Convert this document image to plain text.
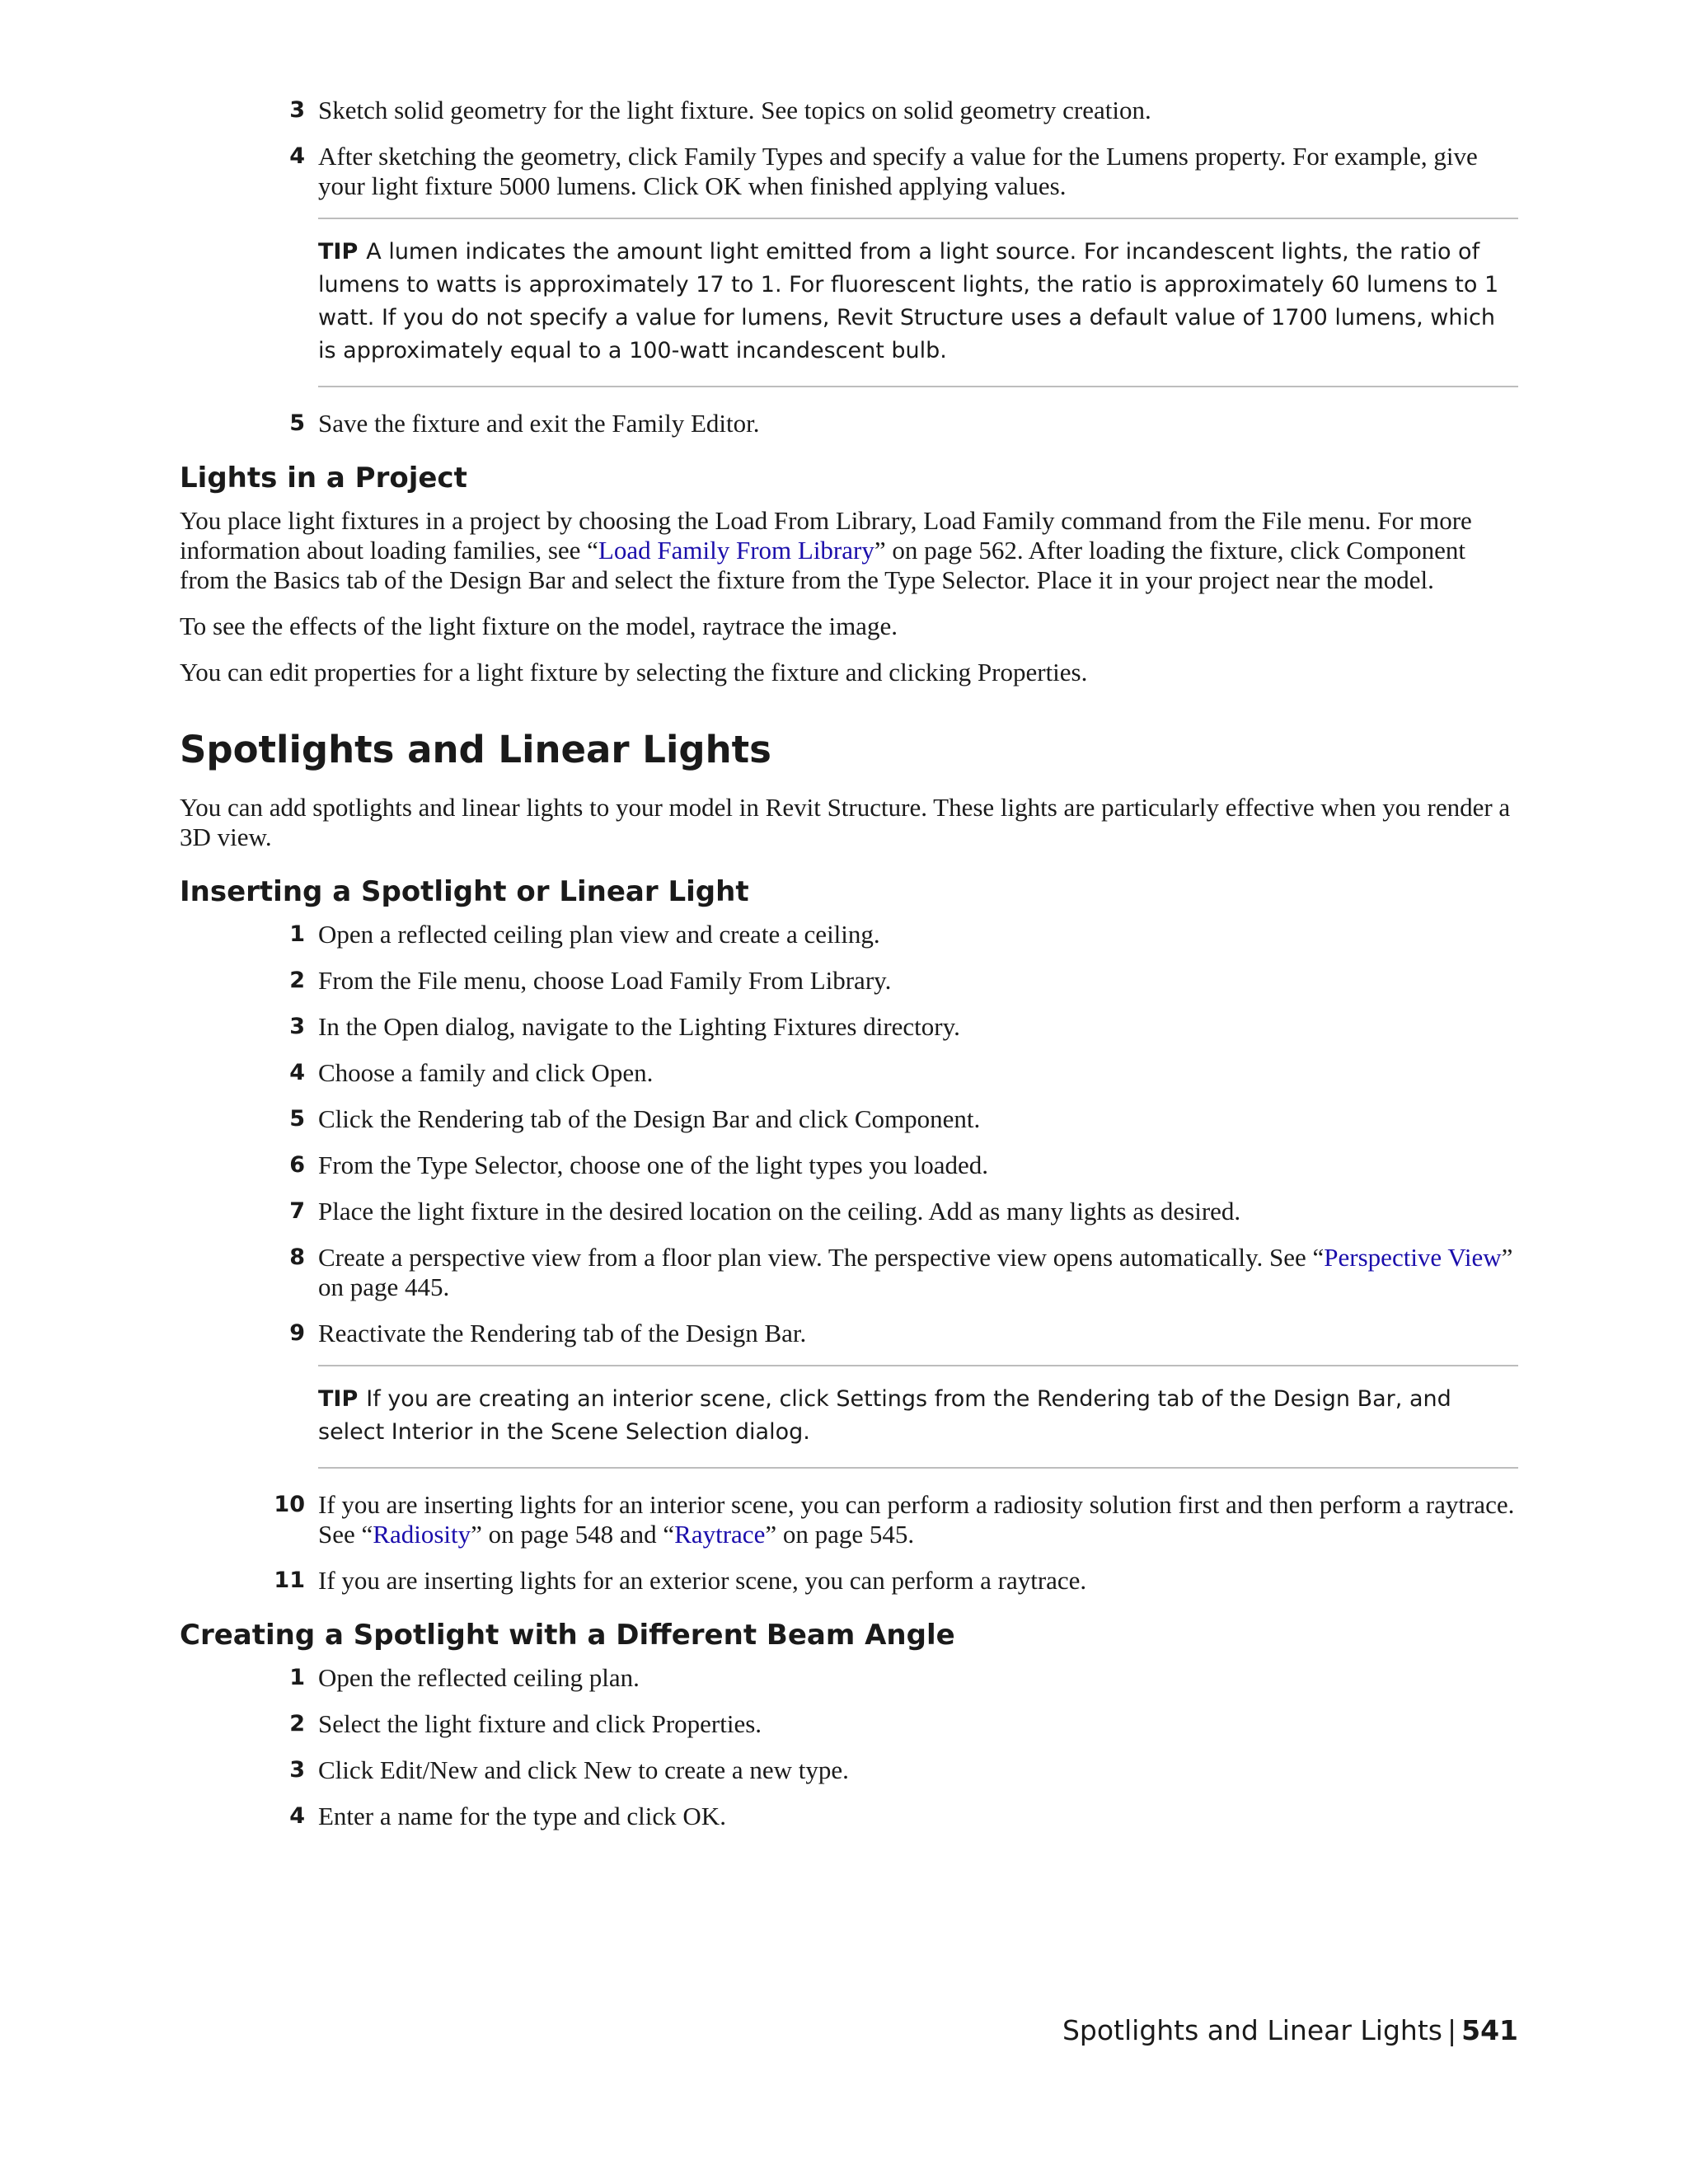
3 Sketch solid geometry for the light fixture. See topics on solid geometry creation.
4 After sketching the geometry, click Family Types and specify a value for the Lumens property. For example, give your light fixture 5000 lumens. Click OK when finished applying values.
TIP A lumen indicates the amount light emitted from a light source. For incandescent lights, the ratio of lumens to watts is approximately 17 to 1. For fluorescent lights, the ratio is approximately 60 lumens to 1 watt. If you do not specify a value for lumens, Revit Structure uses a default value of 1700 lumens, which is approximately equal to a 100-watt incandescent bulb.
5 Save the fixture and exit the Family Editor.
Lights in a Project
You place light fixtures in a project by choosing the Load From Library, Load Family command from the File menu. For more information about loading families, see “Load Family From Library” on page 562. After loading the fixture, click Component from the Basics tab of the Design Bar and select the fixture from the Type Selector. Place it in your project near the model.
To see the effects of the light fixture on the model, raytrace the image.
You can edit properties for a light fixture by selecting the fixture and clicking Properties.
Spotlights and Linear Lights
You can add spotlights and linear lights to your model in Revit Structure. These lights are particularly effective when you render a 3D view.
Inserting a Spotlight or Linear Light
1 Open a reflected ceiling plan view and create a ceiling.
2 From the File menu, choose Load Family From Library.
3 In the Open dialog, navigate to the Lighting Fixtures directory.
4 Choose a family and click Open.
5 Click the Rendering tab of the Design Bar and click Component.
6 From the Type Selector, choose one of the light types you loaded.
7 Place the light fixture in the desired location on the ceiling. Add as many lights as desired.
8 Create a perspective view from a floor plan view. The perspective view opens automatically. See “Perspective View” on page 445.
9 Reactivate the Rendering tab of the Design Bar.
TIP If you are creating an interior scene, click Settings from the Rendering tab of the Design Bar, and select Interior in the Scene Selection dialog.
10 If you are inserting lights for an interior scene, you can perform a radiosity solution first and then perform a raytrace. See “Radiosity” on page 548 and “Raytrace” on page 545.
11 If you are inserting lights for an exterior scene, you can perform a raytrace.
Creating a Spotlight with a Different Beam Angle
1 Open the reflected ceiling plan.
2 Select the light fixture and click Properties.
3 Click Edit/New and click New to create a new type.
4 Enter a name for the type and click OK.
Spotlights and Linear Lights | 541
